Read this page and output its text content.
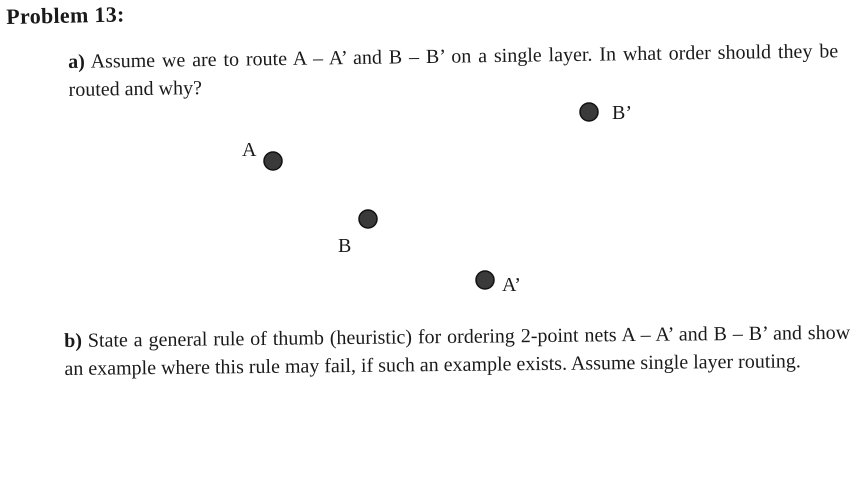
Problem 13:
a) Assume we are to route A – A’ and B – B’ on a single layer. In what order should they be routed and why?
A
B
A’
B’
b) State a general rule of thumb (heuristic) for ordering 2-point nets A – A’ and B – B’ and show an example where this rule may fail, if such an example exists. Assume single layer routing.
